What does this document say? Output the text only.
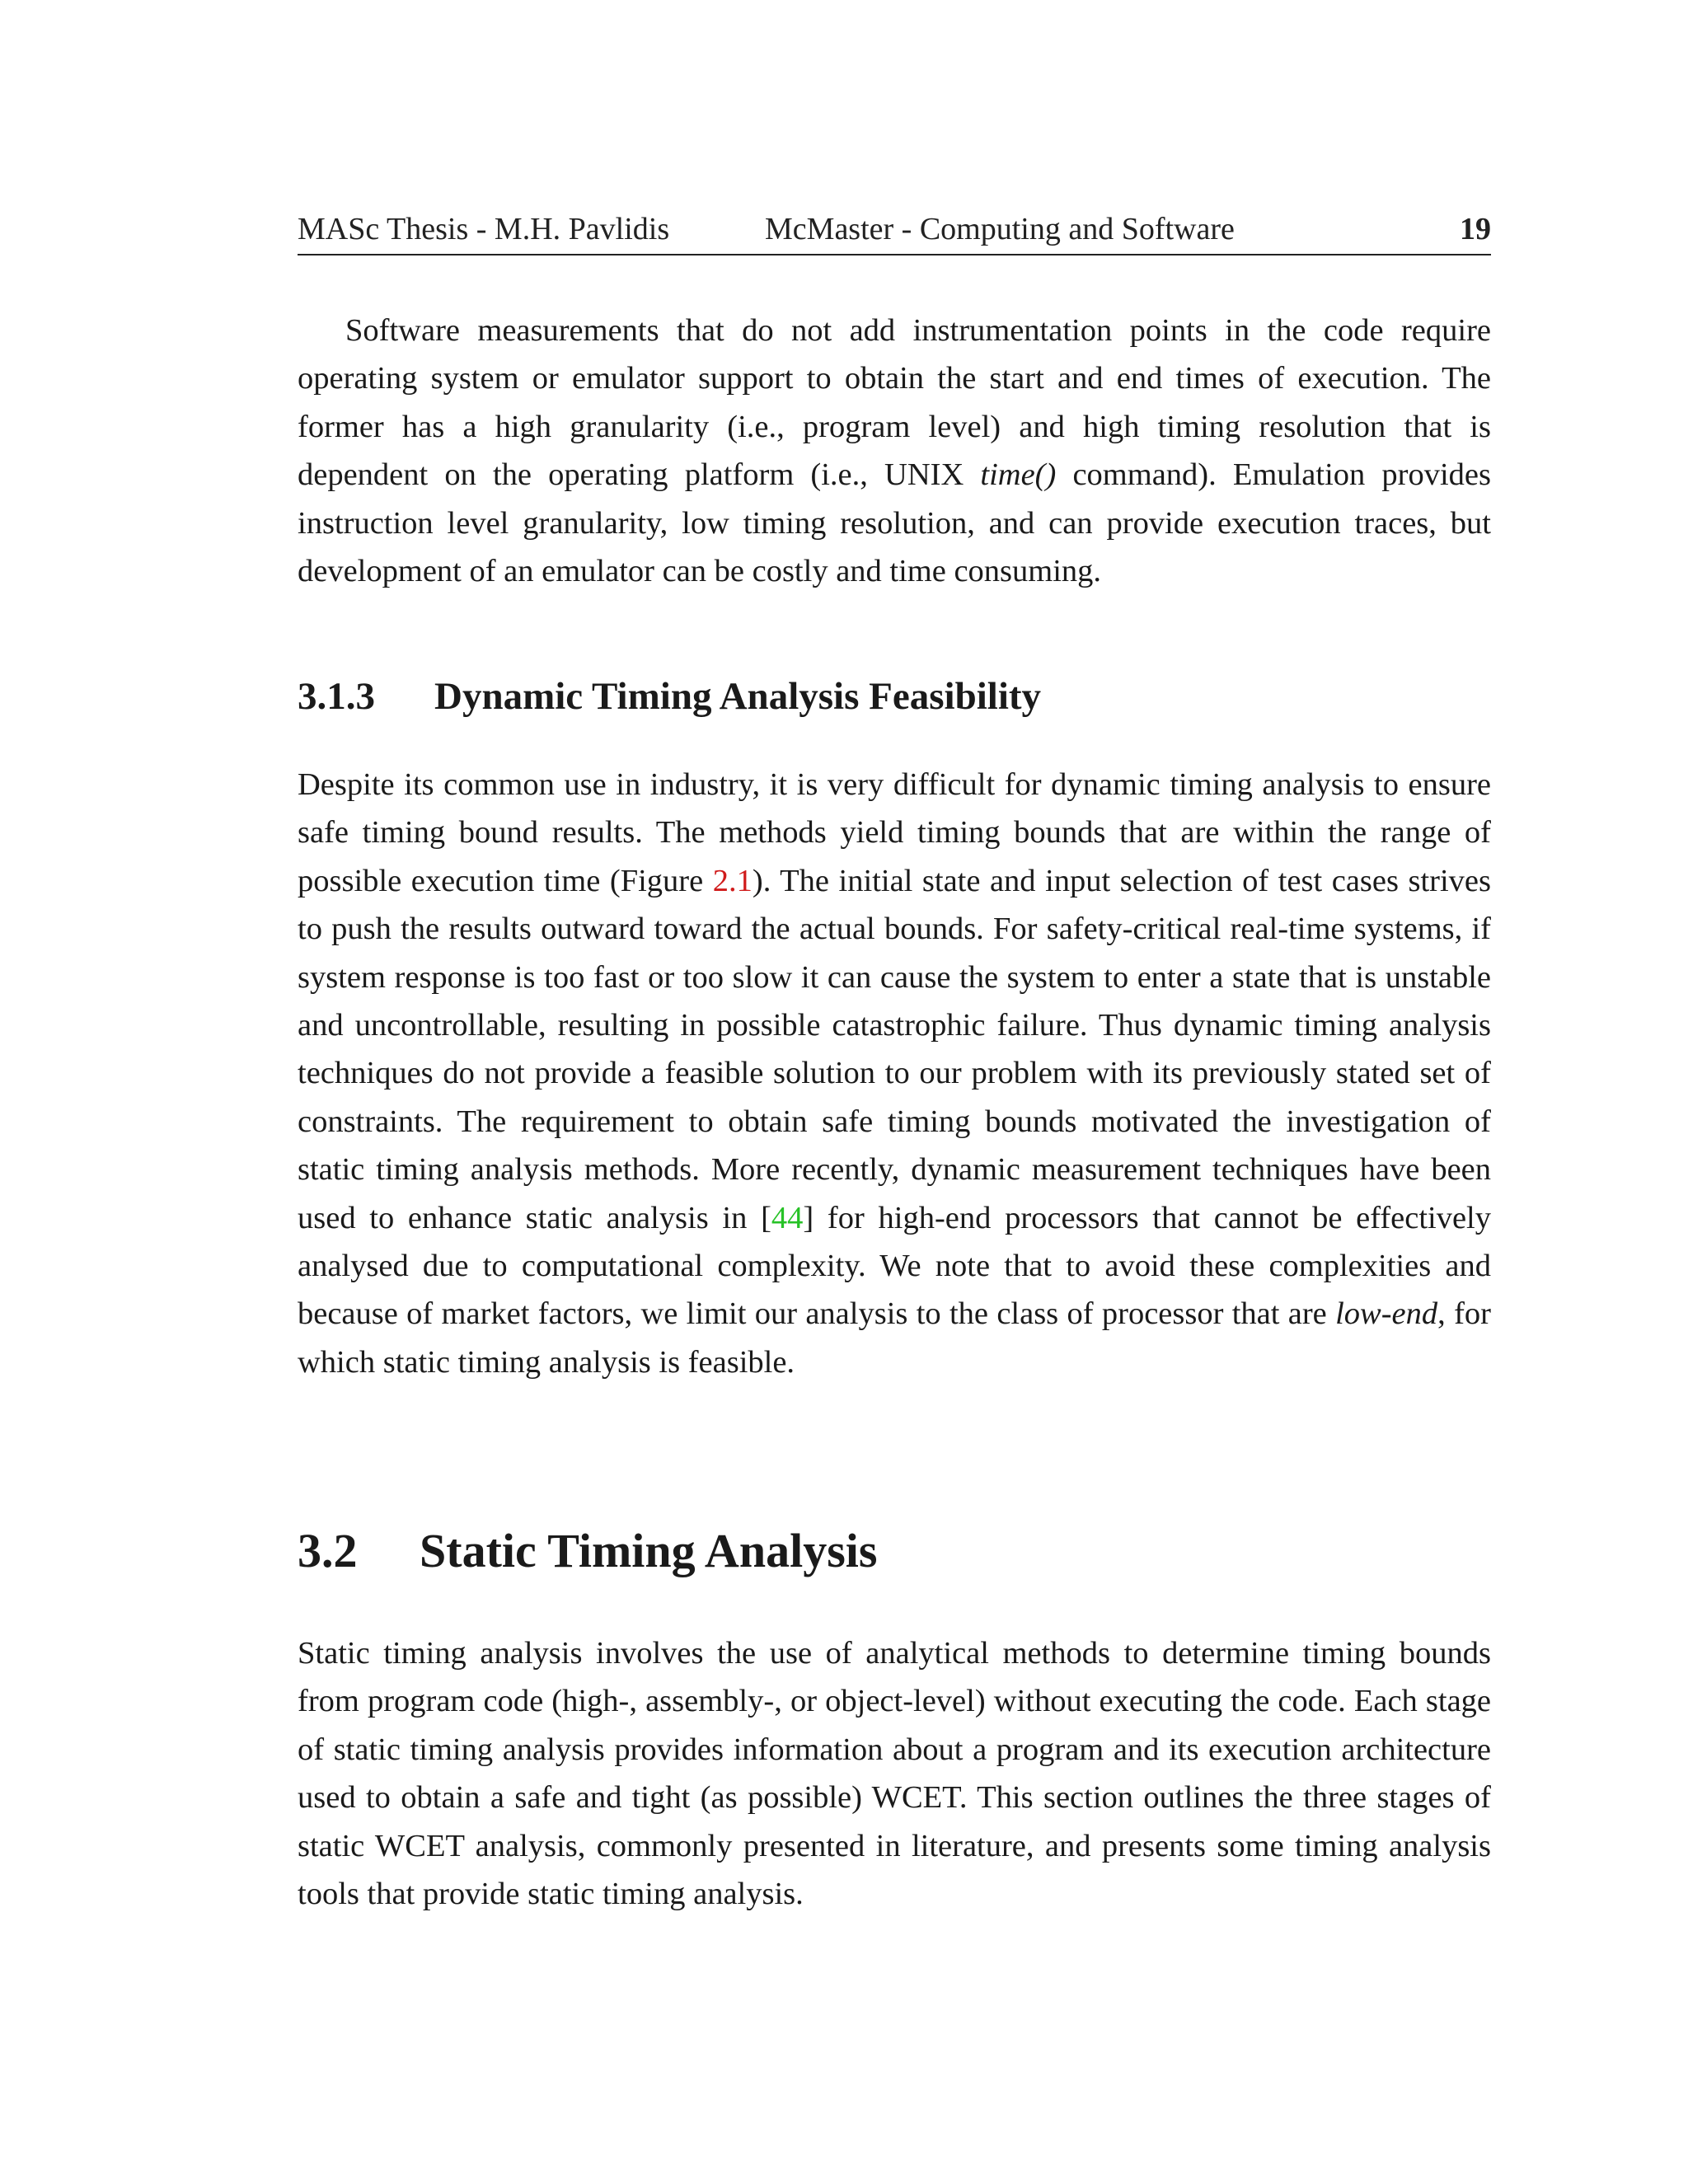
MASc Thesis - M.H. Pavlidis	McMaster - Computing and Software	19

Software measurements that do not add instrumentation points in the code require operating system or emulator support to obtain the start and end times of execution. The former has a high granularity (i.e., program level) and high timing resolution that is dependent on the operating platform (i.e., UNIX time() command). Emulation provides instruction level granularity, low timing resolution, and can provide execution traces, but development of an emulator can be costly and time consuming.

3.1.3 Dynamic Timing Analysis Feasibility

Despite its common use in industry, it is very difficult for dynamic timing analysis to ensure safe timing bound results. The methods yield timing bounds that are within the range of possible execution time (Figure 2.1). The initial state and input selection of test cases strives to push the results outward toward the actual bounds. For safety-critical real-time systems, if system response is too fast or too slow it can cause the system to enter a state that is unstable and uncontrollable, resulting in possible catastrophic failure. Thus dynamic timing analysis techniques do not provide a feasible solution to our problem with its previously stated set of constraints. The requirement to obtain safe timing bounds motivated the investigation of static timing analysis methods. More recently, dynamic measurement techniques have been used to enhance static analysis in [44] for high-end processors that cannot be effectively analysed due to computational complexity. We note that to avoid these complexities and because of market factors, we limit our analysis to the class of processor that are low-end, for which static timing analysis is feasible.

3.2 Static Timing Analysis

Static timing analysis involves the use of analytical methods to determine timing bounds from program code (high-, assembly-, or object-level) without executing the code. Each stage of static timing analysis provides information about a program and its execution architecture used to obtain a safe and tight (as possible) WCET. This section outlines the three stages of static WCET analysis, commonly presented in literature, and presents some timing analysis tools that provide static timing analysis.
